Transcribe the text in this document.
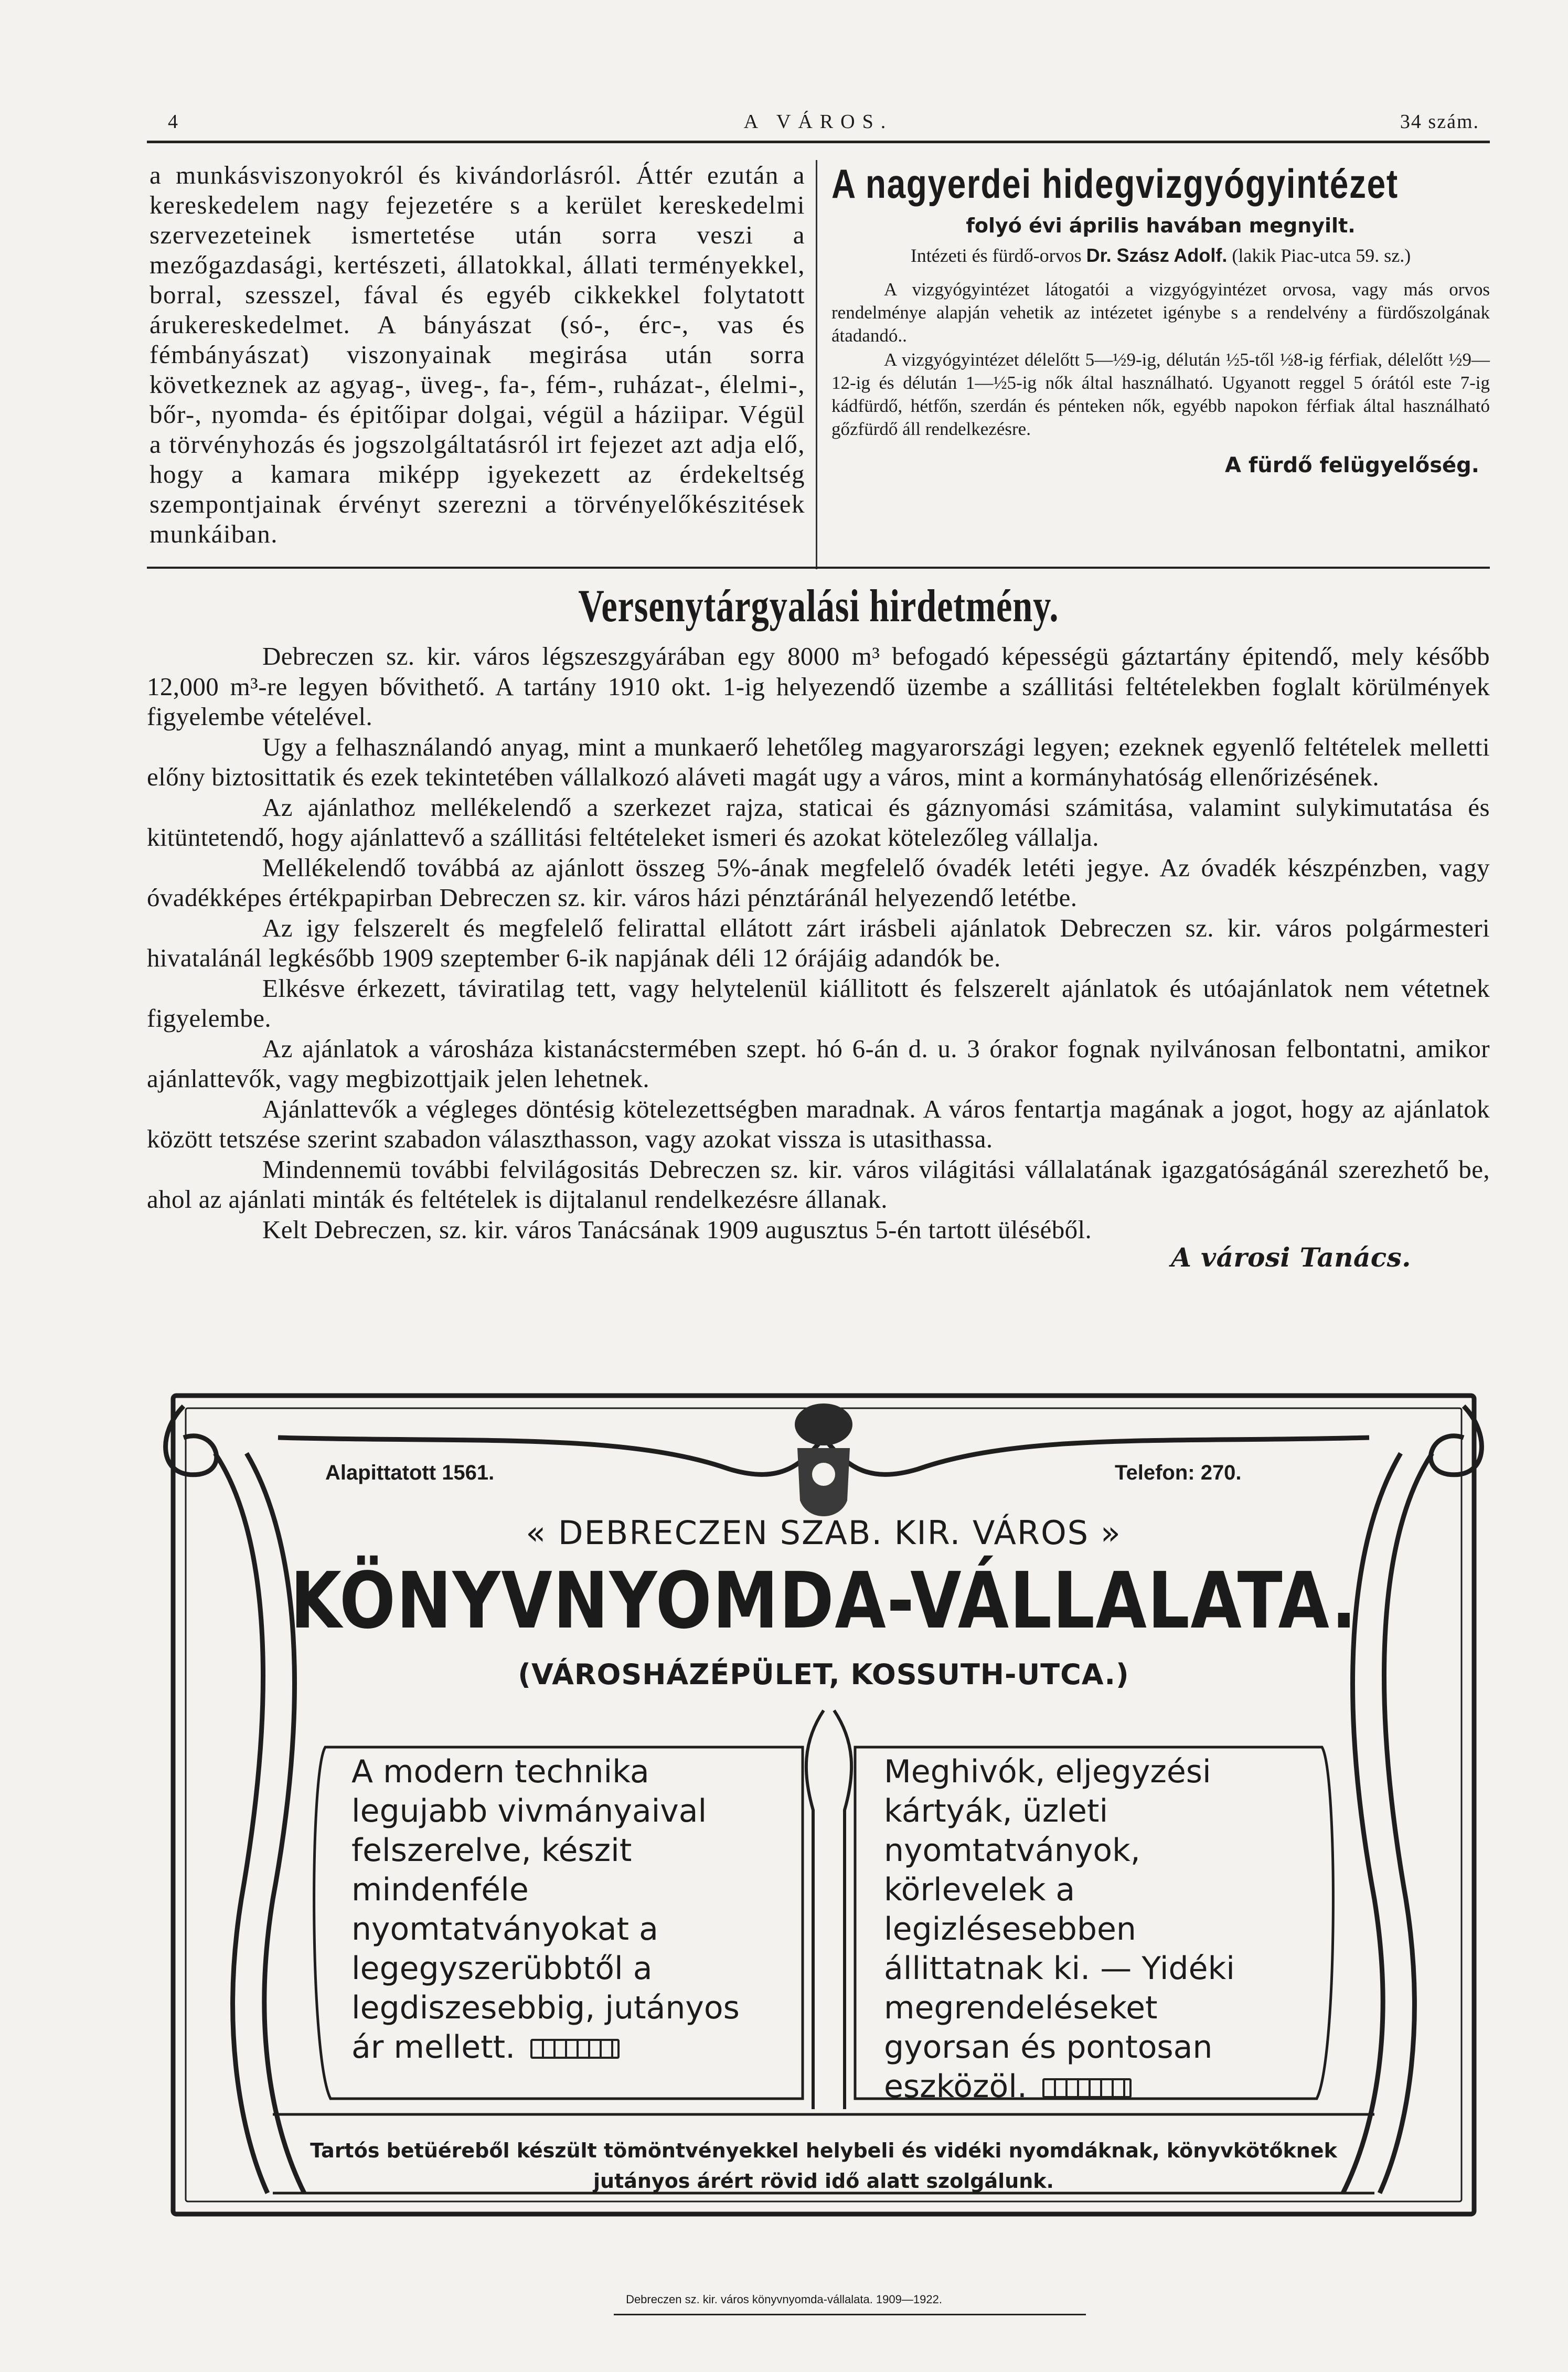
4	A VÁROS.	34 szám.

a munkásviszonyokról és kivándorlásról. Áttér ezután a kereskedelem nagy fejezetére s a kerület kereskedelmi szervezeteinek ismertetése után sorra veszi a mezőgazdasági, kertészeti, állatokkal, állati terményekkel, borral, szesszel, fával és egyéb cikkekkel folytatott árukereskedelmet. A bányászat (só-, érc-, vas és fémbányászat) viszonyainak megirása után sorra következnek az agyag-, üveg-, fa-, fém-, ruházat-, élelmi-, bőr-, nyomda- és épitőipar dolgai, végül a háziipar. Végül a törvényhozás és jogszolgáltatásról irt fejezet azt adja elő, hogy a kamara miképp igyekezett az érdekeltség szempontjainak érvényt szerezni a törvényelőkészitések munkáiban.

A nagyerdei hidegvizgyógyintézet
folyó évi április havában megnyilt.
Intézeti és fürdő-orvos Dr. Szász Adolf. (lakik Piac-utca 59. sz.)

A vizgyógyintézet látogatói a vizgyógyintézet orvosa, vagy más orvos rendelménye alapján vehetik az intézetet igénybe s a rendelvény a fürdőszolgának átadandó..

A vizgyógyintézet délelőtt 5—½9-ig, délután ½5-től ½8-ig férfiak, délelőtt ½9—12-ig és délután 1—½5-ig nők által használható. Ugyanott reggel 5 órától este 7-ig kádfürdő, hétfőn, szerdán és pénteken nők, egyébb napokon férfiak által használható gőzfürdő áll rendelkezésre.

A fürdő felügyelőség.
Versenytárgyalási hirdetmény.

Debreczen sz. kir. város légszeszgyárában egy 8000 m³ befogadó képességü gáztartány épitendő, mely később 12,000 m³-re legyen bővithető. A tartány 1910 okt. 1-ig helyezendő üzembe a szállitási feltételekben foglalt körülmények figyelembe vételével.

Ugy a felhasználandó anyag, mint a munkaerő lehetőleg magyarországi legyen; ezeknek egyenlő feltételek melletti előny biztosittatik és ezek tekintetében vállalkozó aláveti magát ugy a város, mint a kormányhatóság ellenőrizésének.

Az ajánlathoz mellékelendő a szerkezet rajza, staticai és gáznyomási számitása, valamint sulykimutatása és kitüntetendő, hogy ajánlattevő a szállitási feltételeket ismeri és azokat kötelezőleg vállalja.

Mellékelendő továbbá az ajánlott összeg 5%-ának megfelelő óvadék letéti jegye. Az óvadék készpénzben, vagy óvadékképes értékpapirban Debreczen sz. kir. város házi pénztáránál helyezendő letétbe.

Az igy felszerelt és megfelelő felirattal ellátott zárt irásbeli ajánlatok Debreczen sz. kir. város polgármesteri hivatalánál legkésőbb 1909 szeptember 6-ik napjának déli 12 órájáig adandók be.

Elkésve érkezett, táviratilag tett, vagy helytelenül kiállitott és felszerelt ajánlatok és utóajánlatok nem vétetnek figyelembe.

Az ajánlatok a városháza kistanácstermében szept. hó 6-án d. u. 3 órakor fognak nyilvánosan felbontatni, amikor ajánlattevők, vagy megbizottjaik jelen lehetnek.

Ajánlattevők a végleges döntésig kötelezettségben maradnak. A város fentartja magának a jogot, hogy az ajánlatok között tetszése szerint szabadon választhasson, vagy azokat vissza is utasithassa.

Mindennemü további felvilágositás Debreczen sz. kir. város világitási vállalatának igazgatóságánál szerezhető be, ahol az ajánlati minták és feltételek is dijtalanul rendelkezésre állanak.

Kelt Debreczen, sz. kir. város Tanácsának 1909 augusztus 5-én tartott üléséből.

A városi Tanács.
Alapittatott 1561.	Telefon: 270.
« DEBRECZEN SZAB. KIR. VÁROS »
KÖNYVNYOMDA-VÁLLALATA.
(VÁROSHÁZÉPÜLET, KOSSUTH-UTCA.)
A modern technika legujabb vivmányaival felszerelve, készit mindenféle nyomtatványokat a legegyszerübbtől a legdiszesebbig, jutányos ár mellett.
Meghivók, eljegyzési kártyák, üzleti nyomtatványok, körlevelek a legizlésesebben állittatnak ki. — Yidéki megrendeléseket gyorsan és pontosan eszközöl.
Tartós betüéreből készült tömöntvényekkel helybeli és vidéki nyomdáknak, könyvkötőknek jutányos árért rövid idő alatt szolgálunk.
Debreczen sz. kir. város könyvnyomda-vállalata. 1909—1922.
